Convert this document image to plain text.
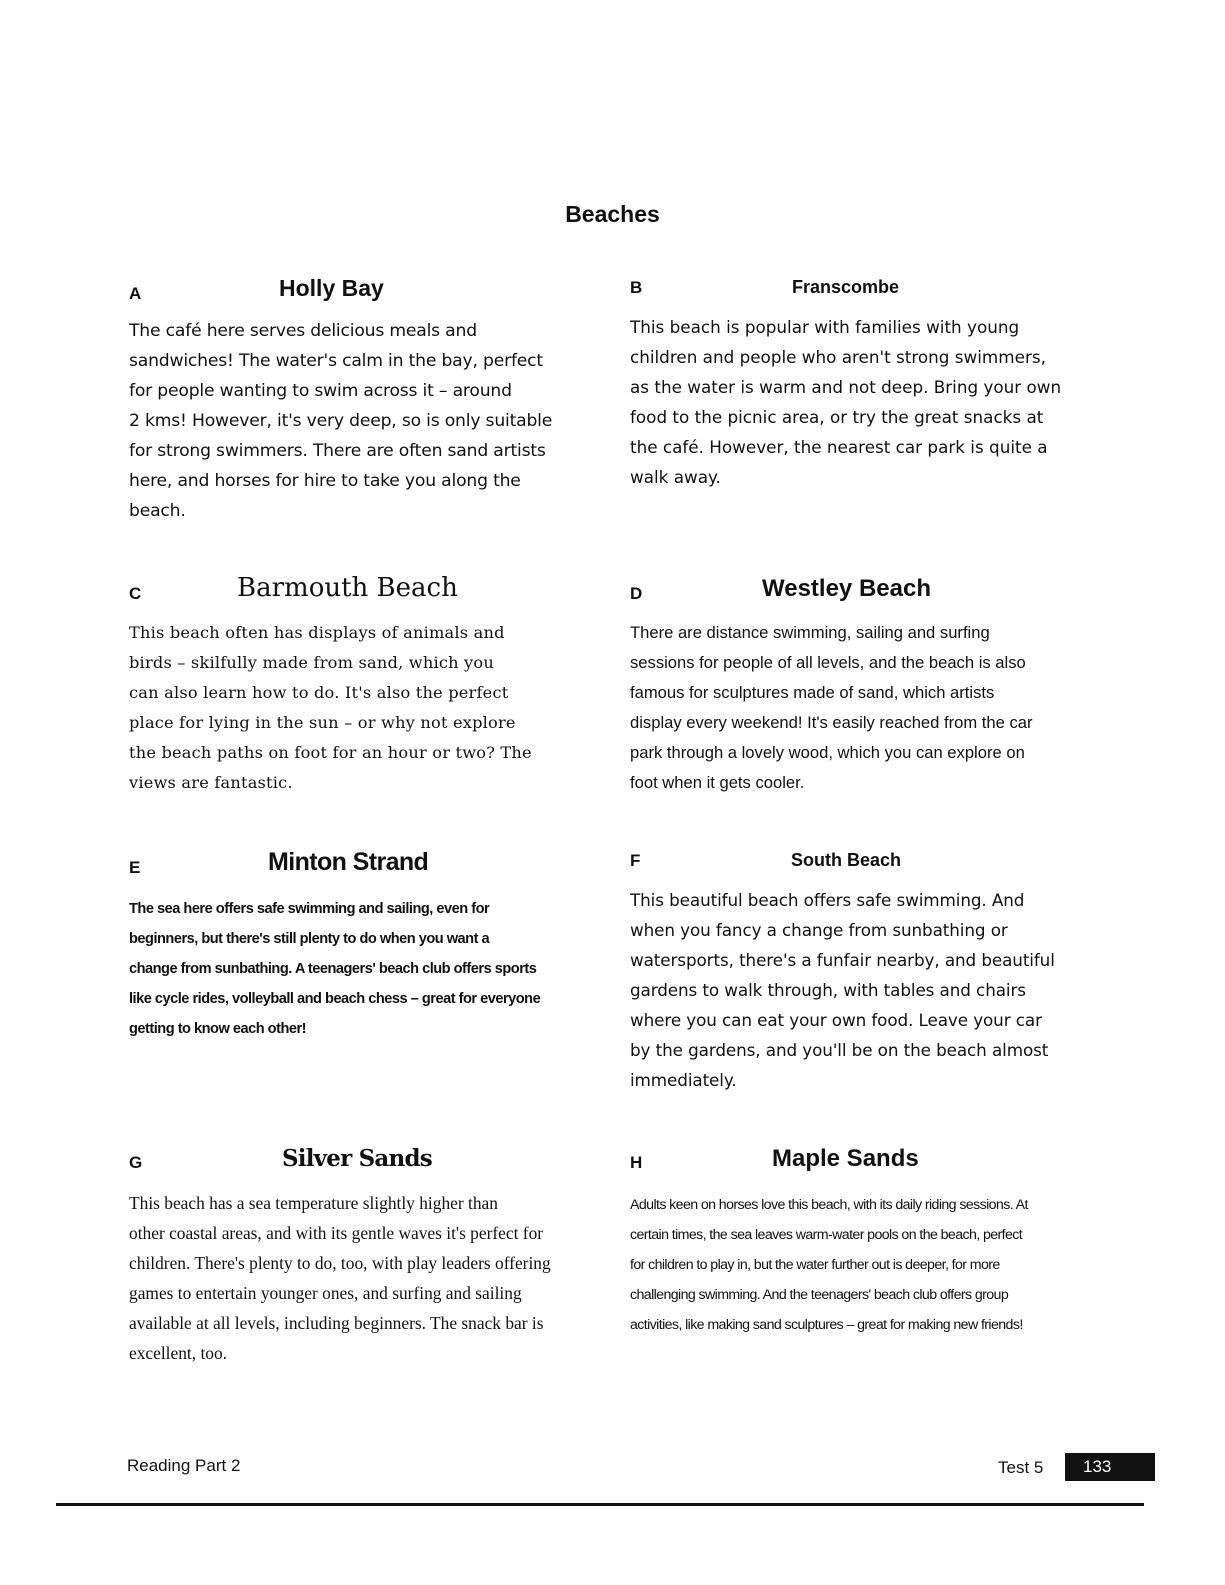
Beaches
A	Holly Bay
The café here serves delicious meals and
sandwiches! The water's calm in the bay, perfect
for people wanting to swim across it – around
2 kms! However, it's very deep, so is only suitable
for strong swimmers. There are often sand artists
here, and horses for hire to take you along the
beach.
B	Franscombe
This beach is popular with families with young
children and people who aren't strong swimmers,
as the water is warm and not deep. Bring your own
food to the picnic area, or try the great snacks at
the café. However, the nearest car park is quite a
walk away.
C	Barmouth Beach
This beach often has displays of animals and
birds – skilfully made from sand, which you
can also learn how to do. It's also the perfect
place for lying in the sun – or why not explore
the beach paths on foot for an hour or two? The
views are fantastic.
D	Westley Beach
There are distance swimming, sailing and surfing
sessions for people of all levels, and the beach is also
famous for sculptures made of sand, which artists
display every weekend! It's easily reached from the car
park through a lovely wood, which you can explore on
foot when it gets cooler.
E	Minton Strand
The sea here offers safe swimming and sailing, even for
beginners, but there's still plenty to do when you want a
change from sunbathing. A teenagers' beach club offers sports
like cycle rides, volleyball and beach chess – great for everyone
getting to know each other!
F	South Beach
This beautiful beach offers safe swimming. And
when you fancy a change from sunbathing or
watersports, there's a funfair nearby, and beautiful
gardens to walk through, with tables and chairs
where you can eat your own food. Leave your car
by the gardens, and you'll be on the beach almost
immediately.
G	Silver Sands
This beach has a sea temperature slightly higher than
other coastal areas, and with its gentle waves it's perfect for
children. There's plenty to do, too, with play leaders offering
games to entertain younger ones, and surfing and sailing
available at all levels, including beginners. The snack bar is
excellent, too.
H	Maple Sands
Adults keen on horses love this beach, with its daily riding sessions. At
certain times, the sea leaves warm-water pools on the beach, perfect
for children to play in, but the water further out is deeper, for more
challenging swimming. And the teenagers' beach club offers group
activities, like making sand sculptures – great for making new friends!
Reading Part 2	Test 5	133
